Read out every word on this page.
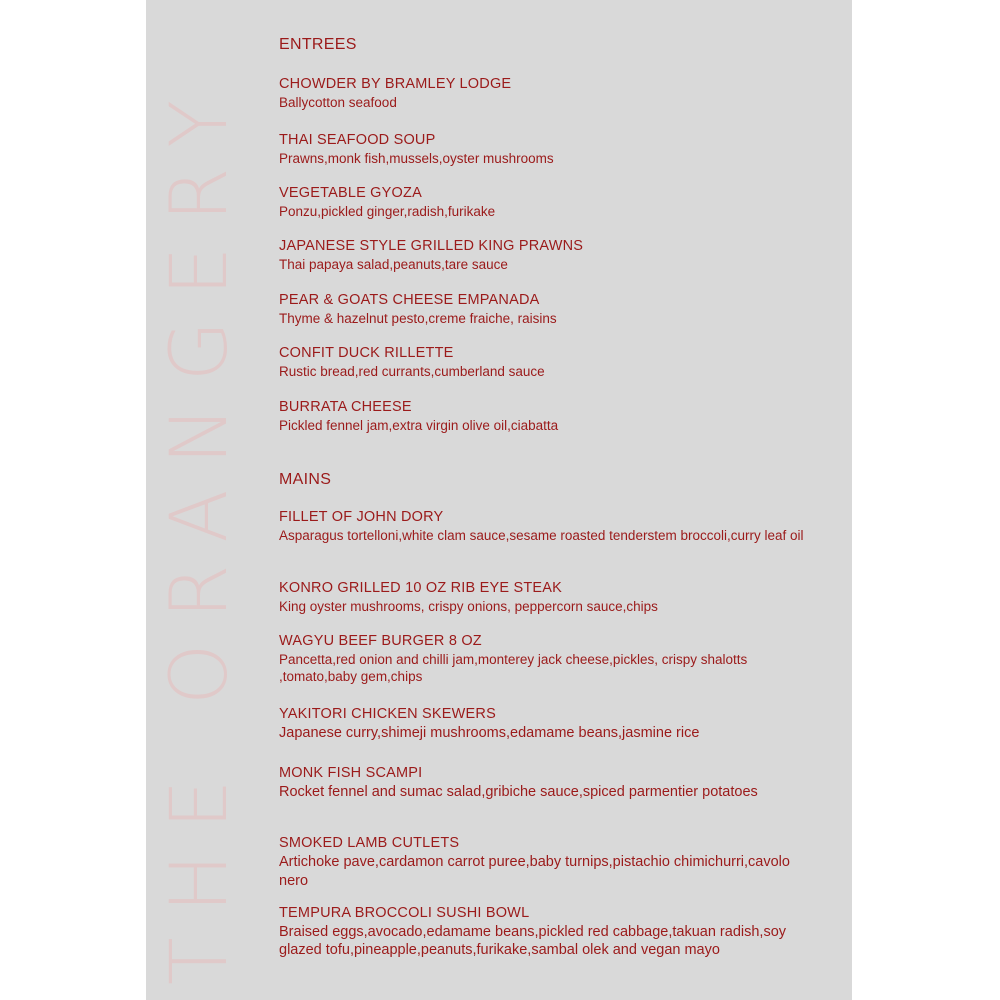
THE ORANGERY
ENTREES
CHOWDER BY BRAMLEY LODGE
Ballycotton seafood
THAI SEAFOOD SOUP
Prawns,monk fish,mussels,oyster mushrooms
VEGETABLE GYOZA
Ponzu,pickled ginger,radish,furikake
JAPANESE STYLE GRILLED KING PRAWNS
Thai papaya salad,peanuts,tare sauce
PEAR & GOATS CHEESE EMPANADA
Thyme & hazelnut pesto,creme fraiche, raisins
CONFIT DUCK RILLETTE
Rustic bread,red currants,cumberland sauce
BURRATA CHEESE
Pickled fennel jam,extra virgin olive oil,ciabatta
MAINS
FILLET OF JOHN DORY
Asparagus tortelloni,white clam sauce,sesame roasted tenderstem broccoli,curry leaf oil
KONRO GRILLED 10 OZ RIB EYE STEAK
King oyster mushrooms, crispy onions, peppercorn sauce,chips
WAGYU BEEF BURGER 8 OZ
Pancetta,red onion and chilli jam,monterey jack cheese,pickles, crispy shalotts ,tomato,baby gem,chips
YAKITORI CHICKEN SKEWERS
Japanese curry,shimeji mushrooms,edamame beans,jasmine rice
MONK FISH SCAMPI
Rocket fennel and sumac salad,gribiche sauce,spiced parmentier potatoes
SMOKED LAMB CUTLETS
Artichoke pave,cardamon carrot puree,baby turnips,pistachio chimichurri,cavolo nero
TEMPURA BROCCOLI SUSHI BOWL
Braised eggs,avocado,edamame beans,pickled red cabbage,takuan radish,soy glazed tofu,pineapple,peanuts,furikake,sambal olek and vegan mayo
